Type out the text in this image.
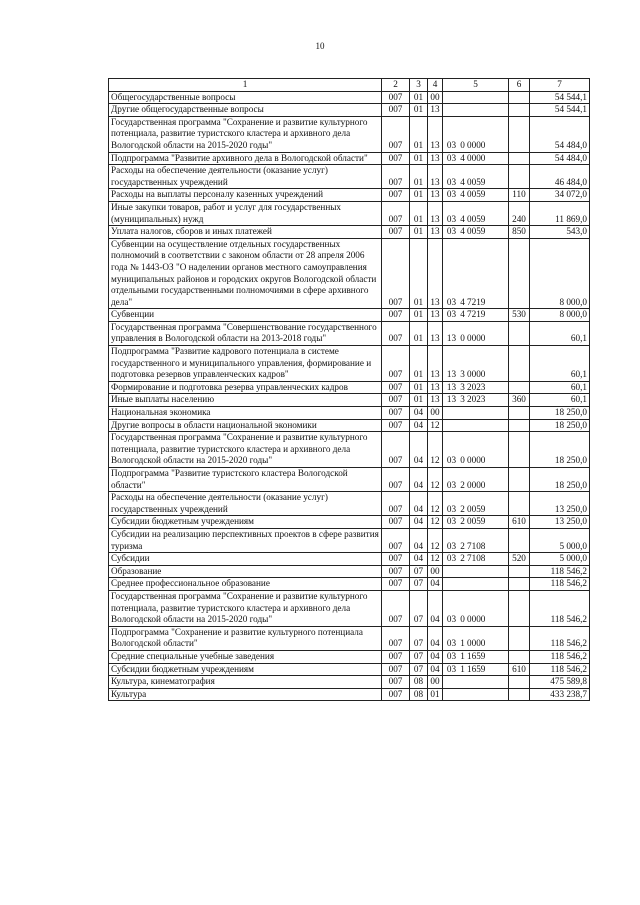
10
1	2	3	4	5	6	7
Общегосударственные вопросы	007	01	00			54 544,1
Другие общегосударственные вопросы	007	01	13			54 544,1
Государственная программа "Сохранение и развитие культурного потенциала, развитие туристского кластера и архивного дела Вологодской области на 2015-2020 годы"	007	01	13	03 0 0000		54 484,0
Подпрограмма "Развитие архивного дела в Вологодской области"	007	01	13	03 4 0000		54 484,0
Расходы на обеспечение деятельности (оказание услуг) государственных учреждений	007	01	13	03 4 0059		46 484,0
Расходы на выплаты персоналу казенных учреждений	007	01	13	03 4 0059	110	34 072,0
Иные закупки товаров, работ и услуг для государственных (муниципальных) нужд	007	01	13	03 4 0059	240	11 869,0
Уплата налогов, сборов и иных платежей	007	01	13	03 4 0059	850	543,0
Субвенции на осуществление отдельных государственных полномочий в соответствии с законом области от 28 апреля 2006 года № 1443-ОЗ "О наделении органов местного самоуправления муниципальных районов и городских округов Вологодской области отдельными государственными полномочиями в сфере архивного дела"	007	01	13	03 4 7219		8 000,0
Субвенции	007	01	13	03 4 7219	530	8 000,0
Государственная программа "Совершенствование государственного управления в Вологодской области на 2013-2018 годы"	007	01	13	13 0 0000		60,1
Подпрограмма "Развитие кадрового потенциала в системе государственного и муниципального управления, формирование и подготовка резервов управленческих кадров"	007	01	13	13 3 0000		60,1
Формирование и подготовка резерва управленческих кадров	007	01	13	13 3 2023		60,1
Иные выплаты населению	007	01	13	13 3 2023	360	60,1
Национальная экономика	007	04	00			18 250,0
Другие вопросы в области национальной экономики	007	04	12			18 250,0
Государственная программа "Сохранение и развитие культурного потенциала, развитие туристского кластера и архивного дела Вологодской области на 2015-2020 годы"	007	04	12	03 0 0000		18 250,0
Подпрограмма "Развитие туристского кластера Вологодской области"	007	04	12	03 2 0000		18 250,0
Расходы на обеспечение деятельности (оказание услуг) государственных учреждений	007	04	12	03 2 0059		13 250,0
Субсидии бюджетным учреждениям	007	04	12	03 2 0059	610	13 250,0
Субсидии на реализацию перспективных проектов в сфере развития туризма	007	04	12	03 2 7108		5 000,0
Субсидии	007	04	12	03 2 7108	520	5 000,0
Образование	007	07	00			118 546,2
Среднее профессиональное образование	007	07	04			118 546,2
Государственная программа "Сохранение и развитие культурного потенциала, развитие туристского кластера и архивного дела Вологодской области на 2015-2020 годы"	007	07	04	03 0 0000		118 546,2
Подпрограмма "Сохранение и развитие культурного потенциала Вологодской области"	007	07	04	03 1 0000		118 546,2
Средние специальные учебные заведения	007	07	04	03 1 1659		118 546,2
Субсидии бюджетным учреждениям	007	07	04	03 1 1659	610	118 546,2
Культура, кинематография	007	08	00			475 589,8
Культура	007	08	01			433 238,7
